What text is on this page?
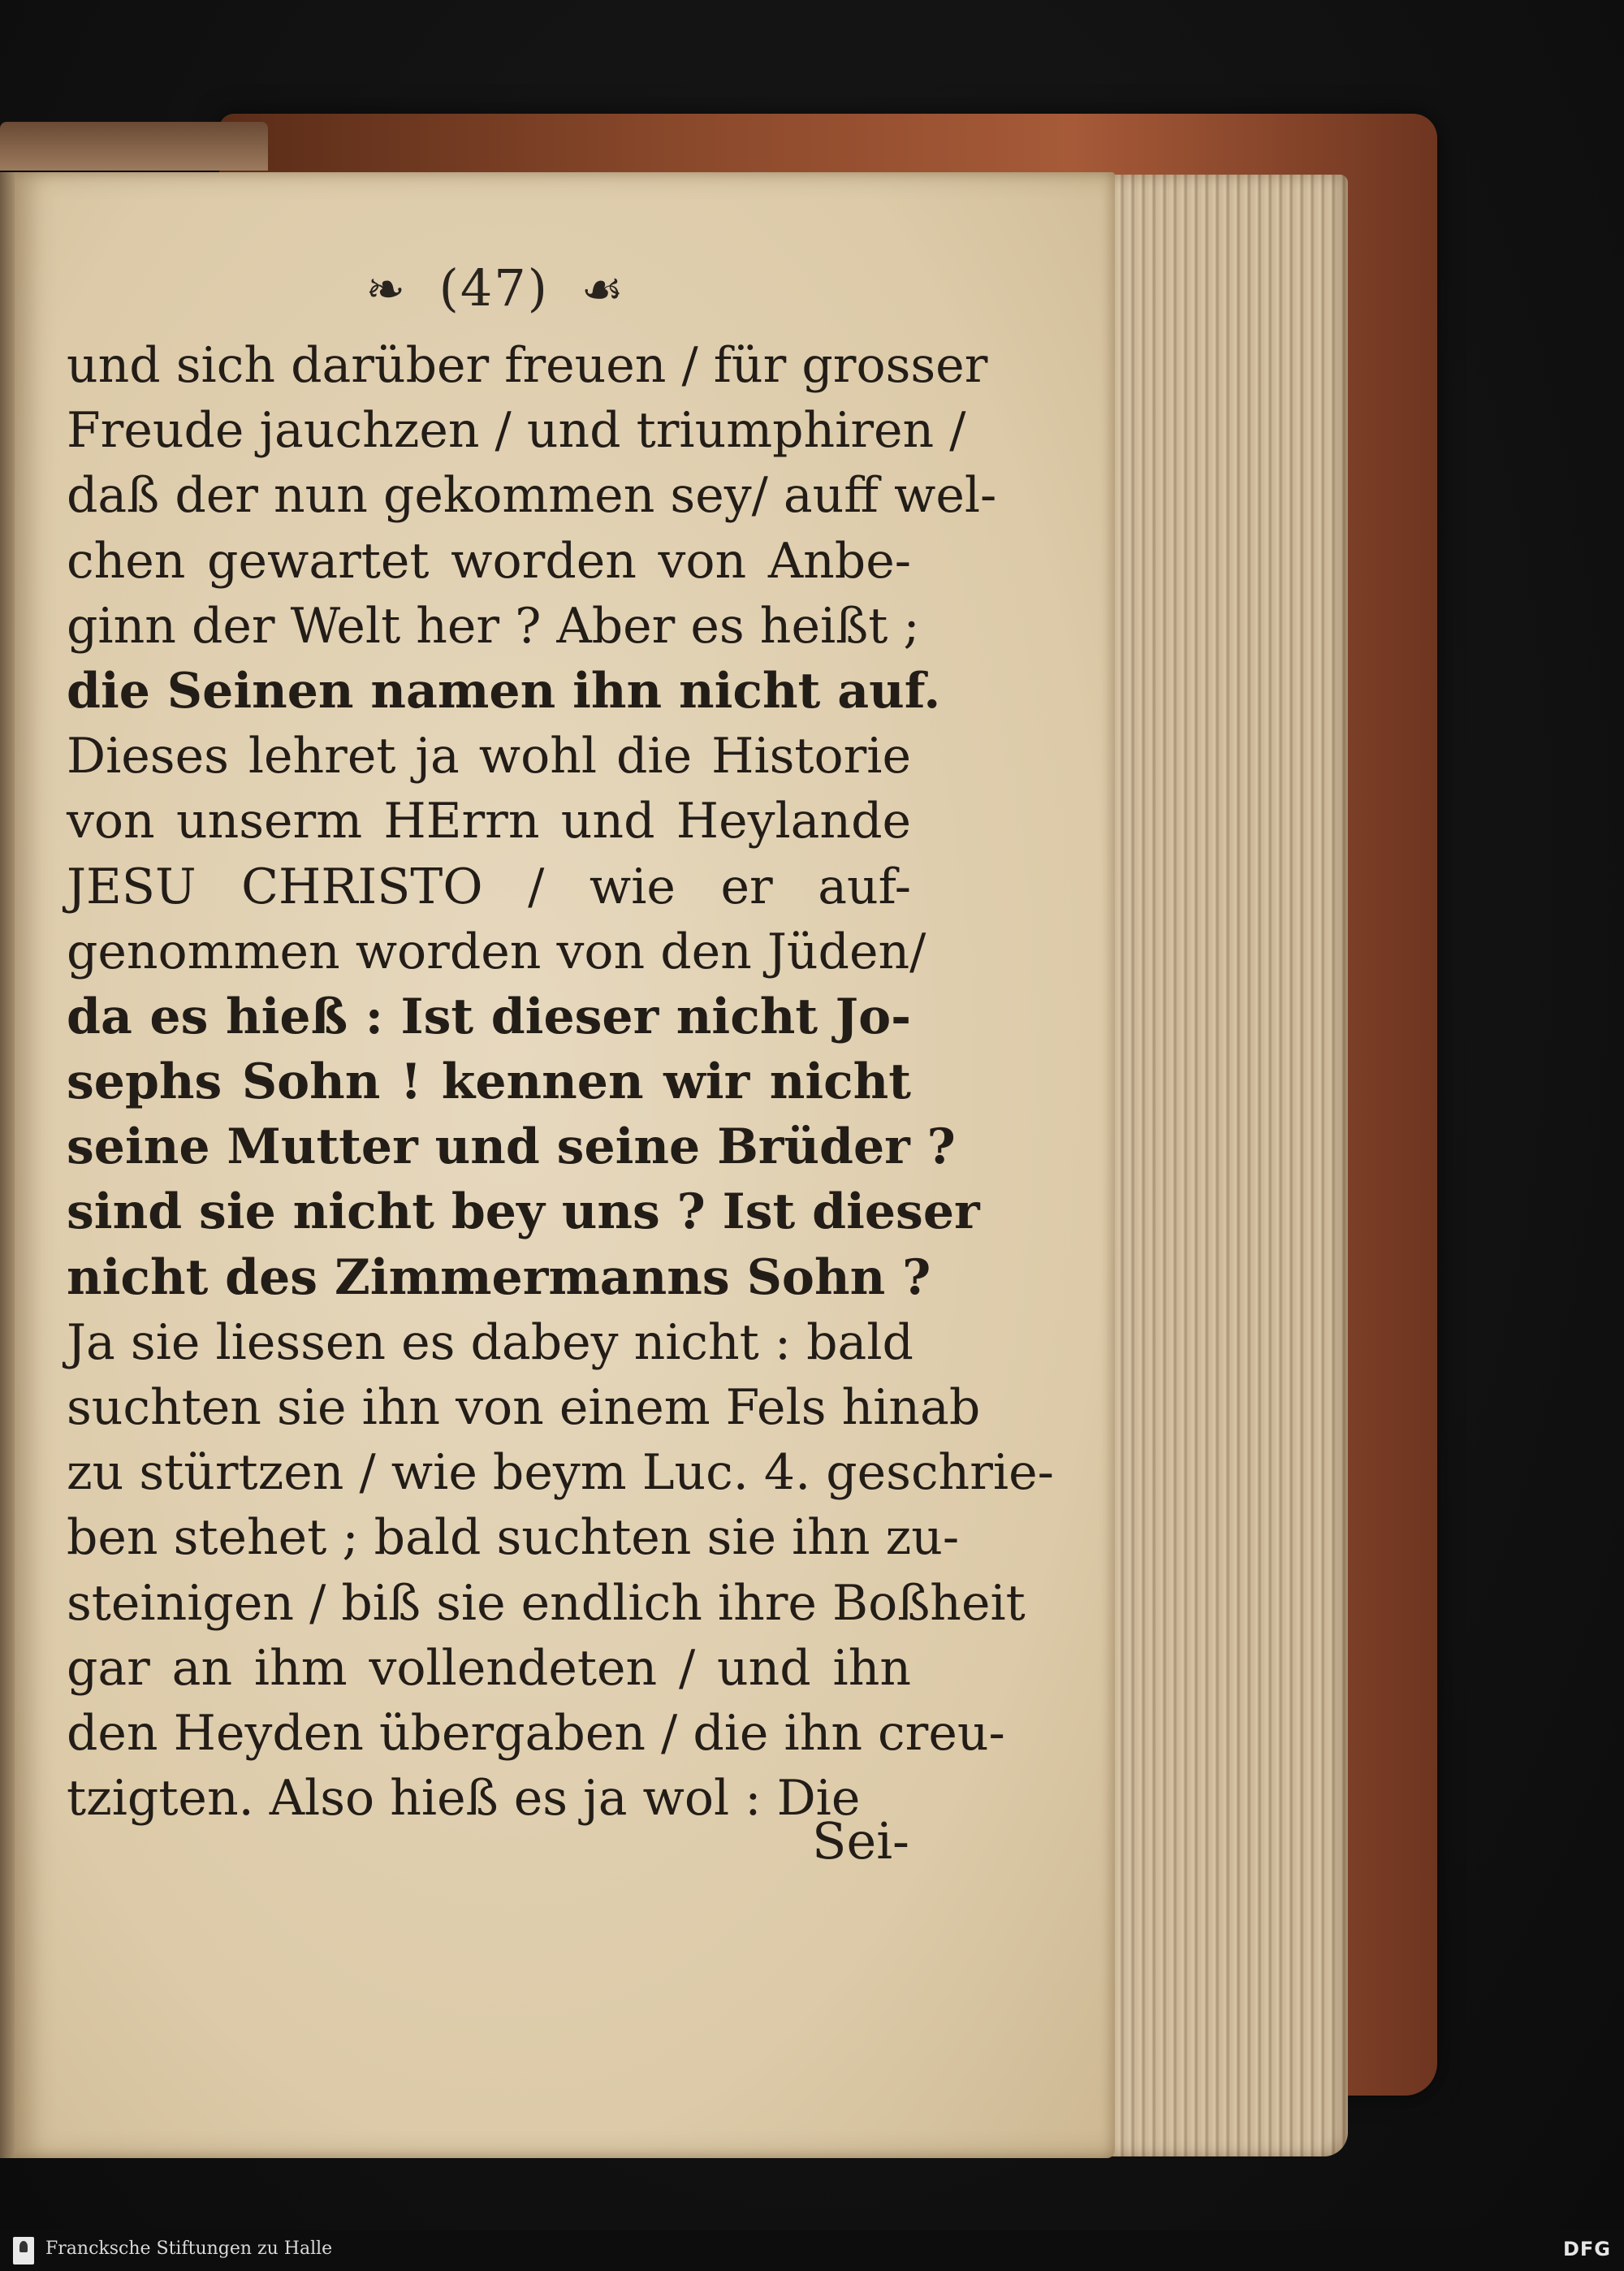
❧ (47) ☙
und sich darüber freuen / für grosser
Freude jauchzen / und triumphiren /
daß der nun gekommen sey/ auff wel-
chen gewartet worden von Anbe-
ginn der Welt her ? Aber es heißt ;
die Seinen namen ihn nicht auf.
Dieses lehret ja wohl die Historie
von unserm HErrn und Heylande
JESU CHRISTO / wie er auf-
genommen worden von den Jüden/
da es hieß : Ist dieser nicht Jo-
sephs Sohn ! kennen wir nicht
seine Mutter und seine Brüder ?
sind sie nicht bey uns ? Ist dieser
nicht des Zimmermanns Sohn ?
Ja sie liessen es dabey nicht : bald
suchten sie ihn von einem Fels hinab
zu stürtzen / wie beym Luc. 4. geschrie-
ben stehet ; bald suchten sie ihn zu-
steinigen / biß sie endlich ihre Boßheit
gar an ihm vollendeten / und ihn
den Heyden übergaben / die ihn creu-
tzigten. Also hieß es ja wol : Die
Sei-
Francksche Stiftungen zu Halle	DFG
